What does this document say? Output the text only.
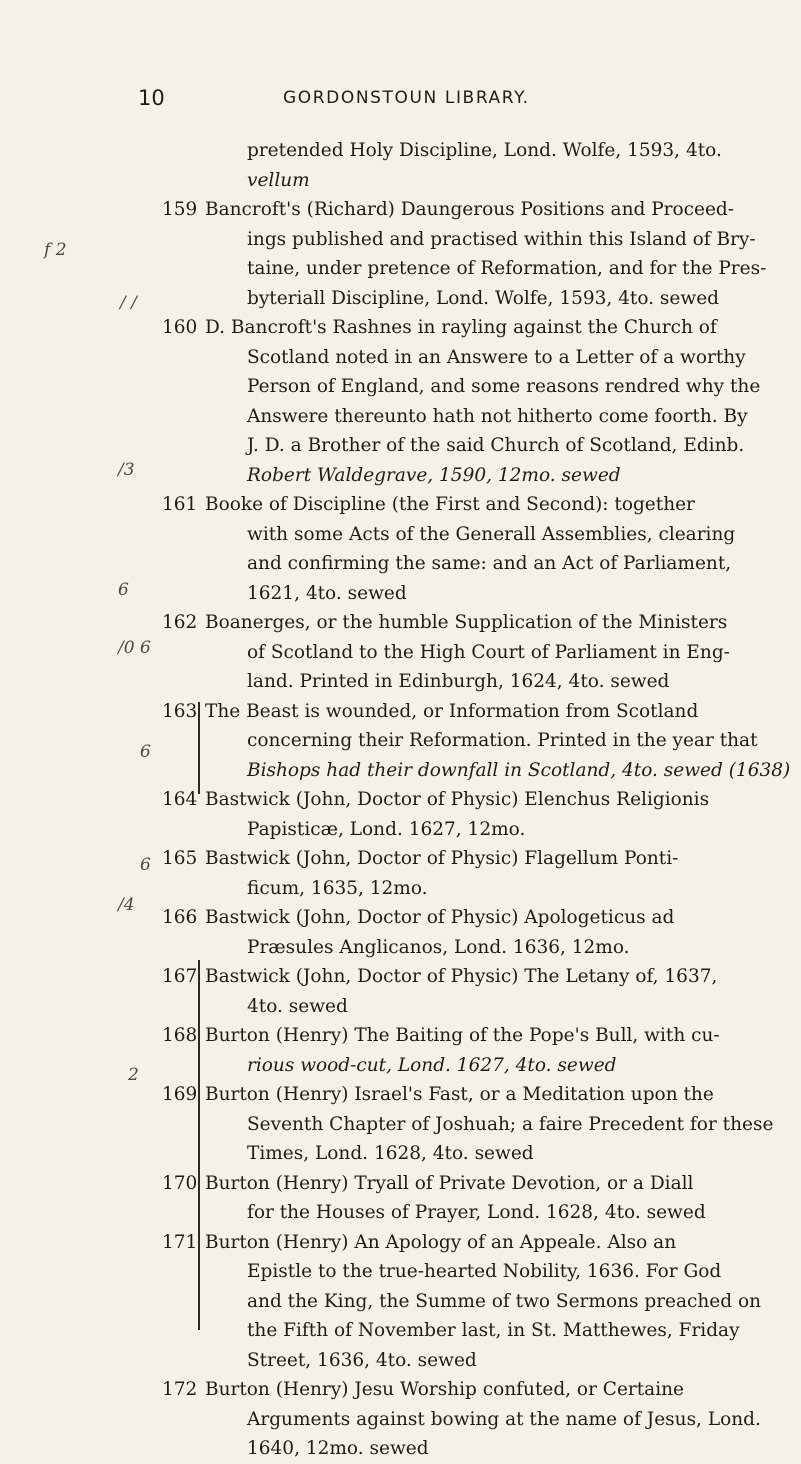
10	GORDONSTOUN LIBRARY.
/ /
f 2
/3
6
/0 6
6
6
/4
2
pretended Holy Discipline, Lond. Wolfe, 1593, 4to.
vellum
159 Bancroft's (Richard) Daungerous Positions and Proceed-
ings published and practised within this Island of Bry-
taine, under pretence of Reformation, and for the Pres-
byteriall Discipline, Lond. Wolfe, 1593, 4to. sewed
160 D. Bancroft's Rashnes in rayling against the Church of
Scotland noted in an Answere to a Letter of a worthy
Person of England, and some reasons rendred why the
Answere thereunto hath not hitherto come foorth. By
J. D. a Brother of the said Church of Scotland, Edinb.
Robert Waldegrave, 1590, 12mo. sewed
161 Booke of Discipline (the First and Second): together
with some Acts of the Generall Assemblies, clearing
and confirming the same: and an Act of Parliament,
1621, 4to. sewed
162 Boanerges, or the humble Supplication of the Ministers
of Scotland to the High Court of Parliament in Eng-
land. Printed in Edinburgh, 1624, 4to. sewed
163 The Beast is wounded, or Information from Scotland
concerning their Reformation. Printed in the year that
Bishops had their downfall in Scotland, 4to. sewed (1638)
164 Bastwick (John, Doctor of Physic) Elenchus Religionis
Papisticæ, Lond. 1627, 12mo.
165 Bastwick (John, Doctor of Physic) Flagellum Ponti-
ficum, 1635, 12mo.
166 Bastwick (John, Doctor of Physic) Apologeticus ad
Præsules Anglicanos, Lond. 1636, 12mo.
167 Bastwick (John, Doctor of Physic) The Letany of, 1637,
4to. sewed
168 Burton (Henry) The Baiting of the Pope's Bull, with cu-
rious wood-cut, Lond. 1627, 4to. sewed
169 Burton (Henry) Israel's Fast, or a Meditation upon the
Seventh Chapter of Joshuah; a faire Precedent for these
Times, Lond. 1628, 4to. sewed
170 Burton (Henry) Tryall of Private Devotion, or a Diall
for the Houses of Prayer, Lond. 1628, 4to. sewed
171 Burton (Henry) An Apology of an Appeale. Also an
Epistle to the true-hearted Nobility, 1636. For God
and the King, the Summe of two Sermons preached on
the Fifth of November last, in St. Matthewes, Friday
Street, 1636, 4to. sewed
172 Burton (Henry) Jesu Worship confuted, or Certaine
Arguments against bowing at the name of Jesus, Lond.
1640, 12mo. sewed
